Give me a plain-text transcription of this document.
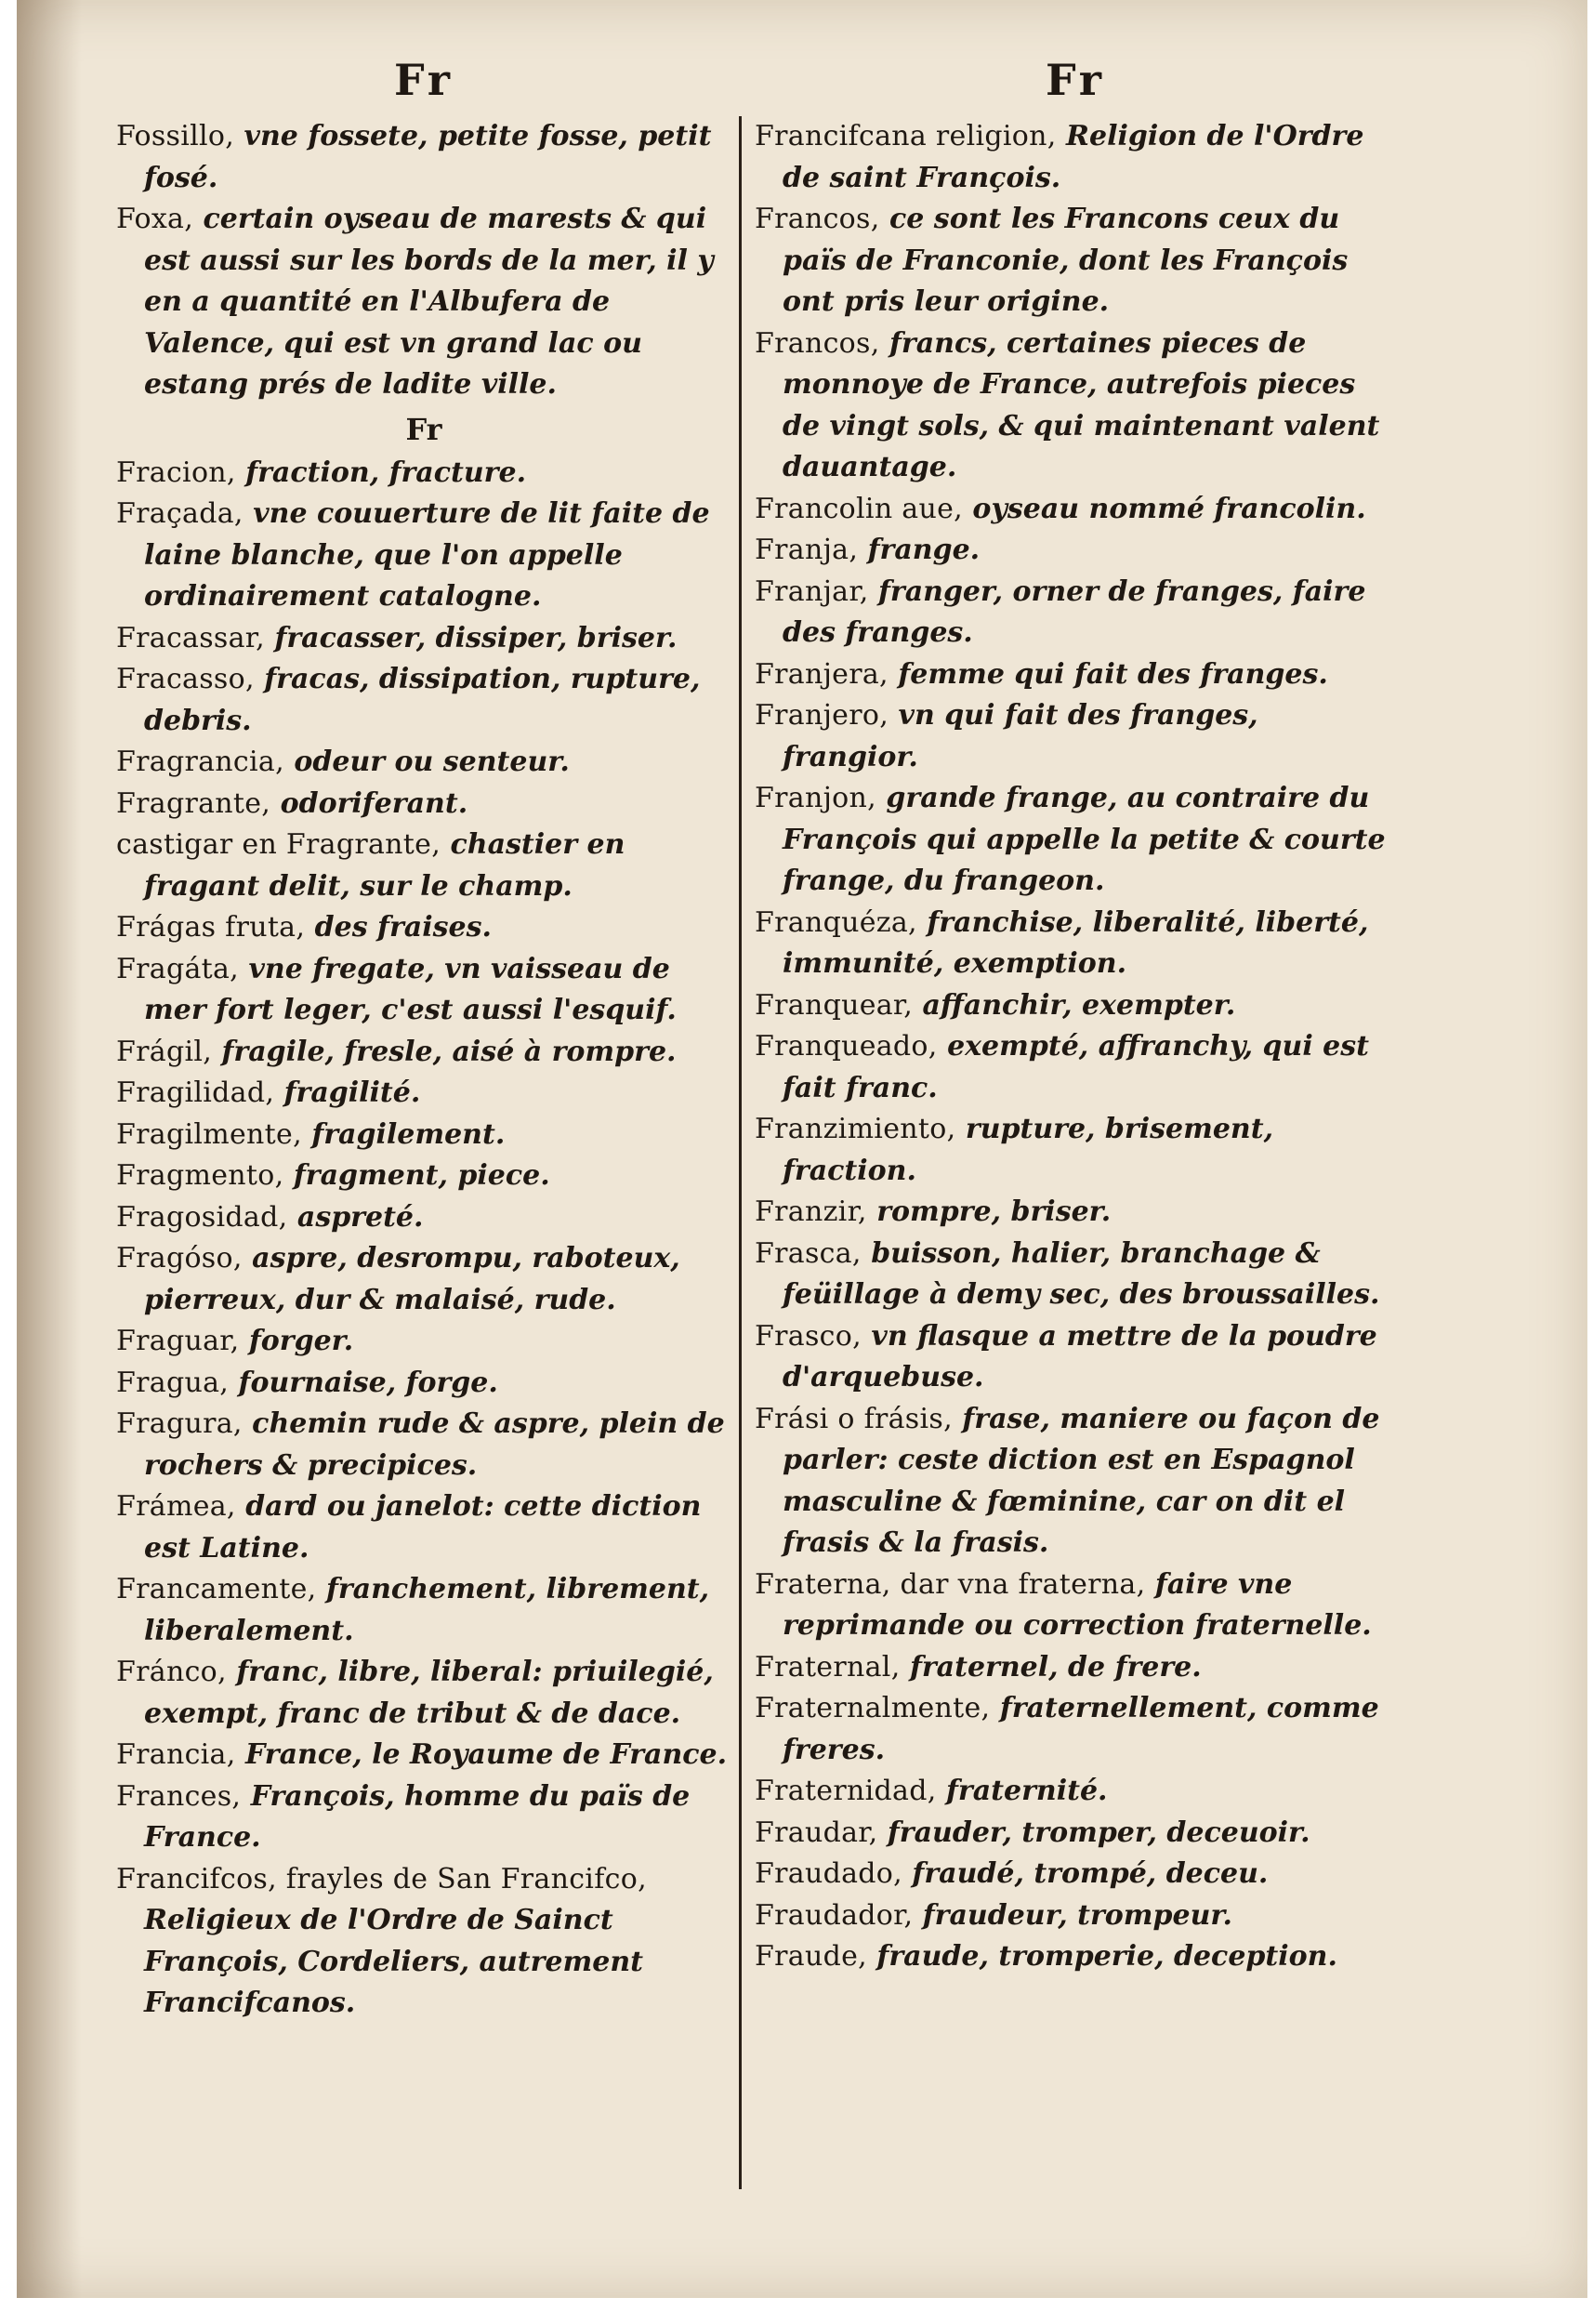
Fr
Fossillo, vne fossete, petite fosse, petit fosé.
Foxa, certain oyseau de marests & qui est aussi sur les bords de la mer, il y en a quantité en l'Albufera de Valence, qui est vn grand lac ou estang prés de ladite ville.
Fr
Fracion, fraction, fracture.
Fraçada, vne couuerture de lit faite de laine blanche, que l'on appelle ordinairement catalogne.
Fracassar, fracasser, dissiper, briser.
Fracasso, fracas, dissipation, rupture, debris.
Fragrancia, odeur ou senteur.
Fragrante, odoriferant.
castigar en Fragrante, chastier en fragant delit, sur le champ.
Frágas fruta, des fraises.
Fragáta, vne fregate, vn vaisseau de mer fort leger, c'est aussi l'esquif.
Frágil, fragile, fresle, aisé à rompre.
Fragilidad, fragilité.
Fragilmente, fragilement.
Fragmento, fragment, piece.
Fragosidad, aspreté.
Fragóso, aspre, desrompu, raboteux, pierreux, dur & malaisé, rude.
Fraguar, forger.
Fragua, fournaise, forge.
Fragura, chemin rude & aspre, plein de rochers & precipices.
Frámea, dard ou janelot: cette diction est Latine.
Francamente, franchement, librement, liberalement.
Fránco, franc, libre, liberal: priuilegié, exempt, franc de tribut & de dace.
Francia, France, le Royaume de France.
Frances, François, homme du païs de France.
Francifcos, frayles de San Francifco, Religieux de l'Ordre de Sainct François, Cordeliers, autrement Francifcanos.
Fr
Francifcana religion, Religion de l'Ordre de saint François.
Francos, ce sont les Francons ceux du païs de Franconie, dont les François ont pris leur origine.
Francos, francs, certaines pieces de monnoye de France, autrefois pieces de vingt sols, & qui maintenant valent dauantage.
Francolin aue, oyseau nommé francolin.
Franja, frange.
Franjar, franger, orner de franges, faire des franges.
Franjera, femme qui fait des franges.
Franjero, vn qui fait des franges, frangior.
Franjon, grande frange, au contraire du François qui appelle la petite & courte frange, du frangeon.
Franquéza, franchise, liberalité, liberté, immunité, exemption.
Franquear, affanchir, exempter.
Franqueado, exempté, affranchy, qui est fait franc.
Franzimiento, rupture, brisement, fraction.
Franzir, rompre, briser.
Frasca, buisson, halier, branchage & feüillage à demy sec, des broussailles.
Frasco, vn flasque a mettre de la poudre d'arquebuse.
Frási o frásis, frase, maniere ou façon de parler: ceste diction est en Espagnol masculine & fœminine, car on dit el frasis & la frasis.
Fraterna, dar vna fraterna, faire vne reprimande ou correction fraternelle.
Fraternal, fraternel, de frere.
Fraternalmente, fraternellement, comme freres.
Fraternidad, fraternité.
Fraudar, frauder, tromper, deceuoir.
Fraudado, fraudé, trompé, deceu.
Fraudador, fraudeur, trompeur.
Fraude, fraude, tromperie, deception.
